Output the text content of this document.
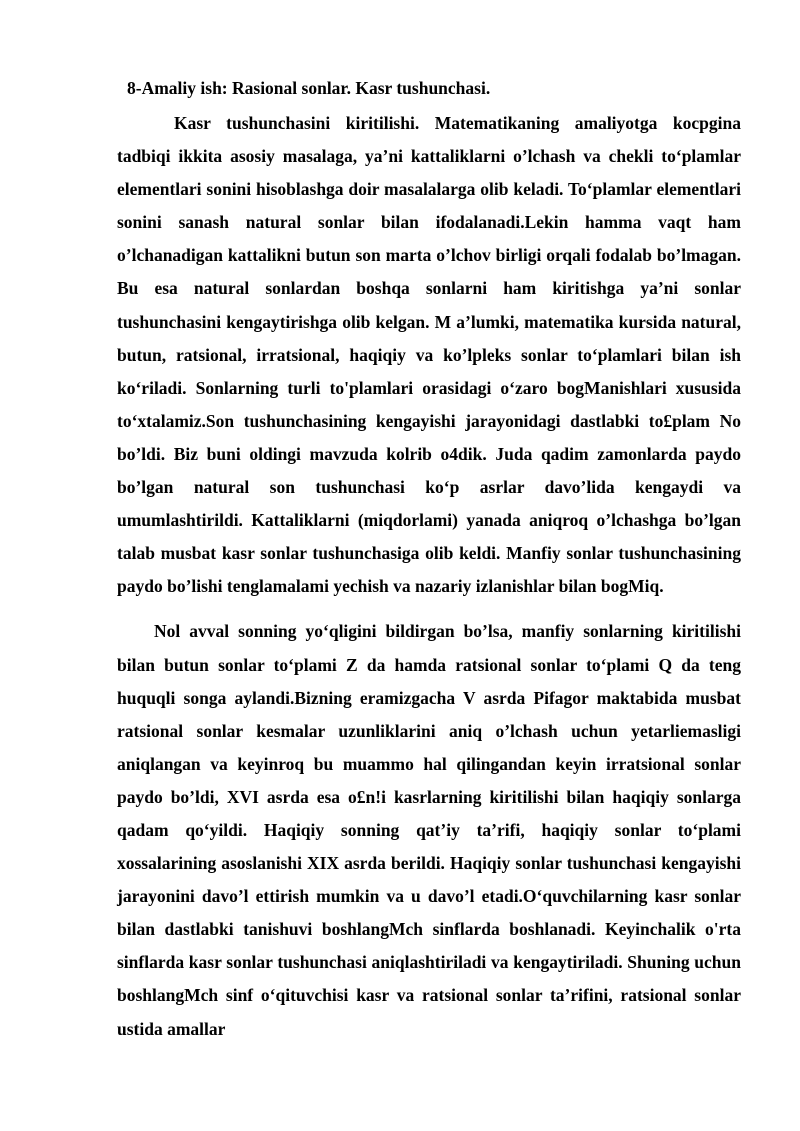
8-Amaliy ish: Rasional sonlar. Kasr tushunchasi.

Kasr tushunchasini kiritilishi. Matematikaning amaliyotga kocpgina tadbiqi ikkita asosiy masalaga, ya’ni kattaliklarni o’lchash va chekli to‘plamlar elementlari sonini hisoblashga doir masalalarga olib keladi. To‘plamlar elementlari sonini sanash natural sonlar bilan ifodalanadi.Lekin hamma vaqt ham o’lchanadigan kattalikni butun son marta o’lchov birligi orqali fodalab bo’lmagan. Bu esa natural sonlardan boshqa sonlarni ham kiritishga ya’ni sonlar tushunchasini kengaytirishga olib kelgan. M a’lumki, matematika kursida natural, butun, ratsional, irratsional, haqiqiy va ko’lpleks sonlar to‘plamlari bilan ish ko‘riladi. Sonlarning turli to'plamlari orasidagi o‘zaro bogManishlari xususida to‘xtalamiz.Son tushunchasining kengayishi jarayonidagi dastlabki to£plam No bo’ldi. Biz buni oldingi mavzuda kolrib o4dik. Juda qadim zamonlarda paydo bo’lgan natural son tushunchasi ko‘p asrlar davo’lida kengaydi va umumlashtirildi. Kattaliklarni (miqdorlami) yanada aniqroq o’lchashga bo’lgan talab musbat kasr sonlar tushunchasiga olib keldi. Manfiy sonlar tushunchasining paydo bo’lishi tenglamalami yechish va nazariy izlanishlar bilan bogMiq.

Nol avval sonning yo‘qligini bildirgan bo’lsa, manfiy sonlarning kiritilishi bilan butun sonlar to‘plami Z da hamda ratsional sonlar to‘plami Q da teng huquqli songa aylandi.Bizning eramizgacha V asrda Pifagor maktabida musbat ratsional sonlar kesmalar uzunliklarini aniq o’lchash uchun yetarliemasligi aniqlangan va keyinroq bu muammo hal qilingandan keyin irratsional sonlar paydo bo’ldi, XVI asrda esa o£n!i kasrlarning kiritilishi bilan haqiqiy sonlarga qadam qo‘yildi. Haqiqiy sonning qat’iy ta’rifi, haqiqiy sonlar to‘plami xossalarining asoslanishi XIX asrda berildi. Haqiqiy sonlar tushunchasi kengayishi jarayonini davo’l ettirish mumkin va u davo’l etadi.O‘quvchilarning kasr sonlar bilan dastlabki tanishuvi boshlangMch sinflarda boshlanadi. Keyinchalik o'rta sinflarda kasr sonlar tushunchasi aniqlashtiriladi va kengaytiriladi. Shuning uchun boshlangMch sinf o‘qituvchisi kasr va ratsional sonlar ta’rifini, ratsional sonlar ustida amallar
